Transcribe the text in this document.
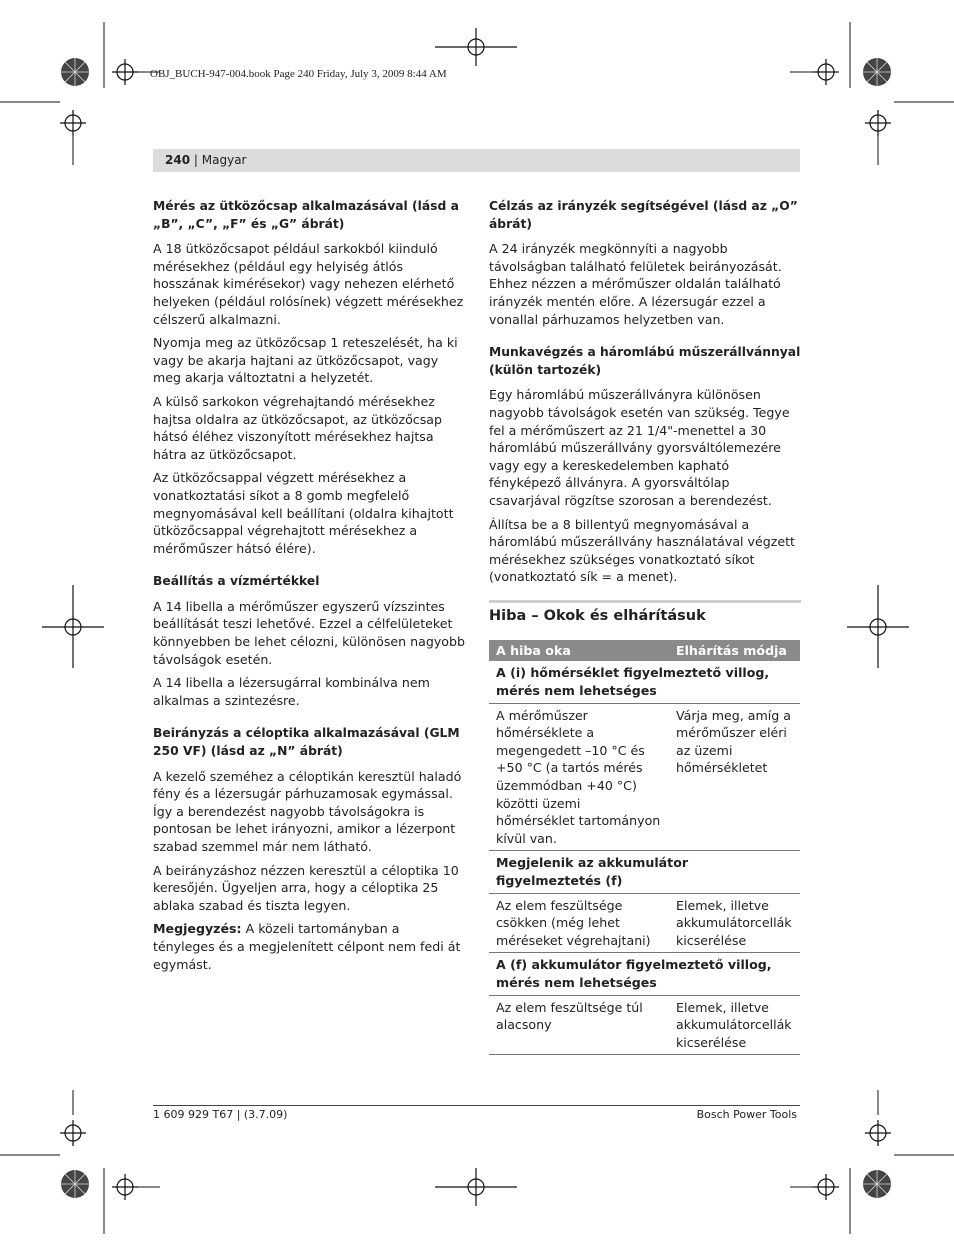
OBJ_BUCH-947-004.book Page 240 Friday, July 3, 2009 8:44 AM
240 | Magyar
Mérés az ütközőcsap alkalmazásával (lásd a „B”, „C”, „F” és „G” ábrát)

A 18 ütközőcsapot például sarkokból kiinduló mérésekhez (például egy helyiség átlós hosszának kimérésekor) vagy nehezen elérhető helyeken (például rolósínek) végzett mérésekhez célszerű alkalmazni.

Nyomja meg az ütközőcsap 1 reteszelését, ha ki vagy be akarja hajtani az ütközőcsapot, vagy meg akarja változtatni a helyzetét.

A külső sarkokon végrehajtandó mérésekhez hajtsa oldalra az ütközőcsapot, az ütközőcsap hátsó éléhez viszonyított mérésekhez hajtsa hátra az ütközőcsapot.

Az ütközőcsappal végzett mérésekhez a vonatkoztatási síkot a 8 gomb megfelelő megnyomásával kell beállítani (oldalra kihajtott ütközőcsappal végrehajtott mérésekhez a mérőműszer hátsó élére).

Beállítás a vízmértékkel

A 14 libella a mérőműszer egyszerű vízszintes beállítását teszi lehetővé. Ezzel a célfelületeket könnyebben be lehet célozni, különösen nagyobb távolságok esetén.

A 14 libella a lézersugárral kombinálva nem alkalmas a szintezésre.

Beirányzás a céloptika alkalmazásával (GLM 250 VF) (lásd az „N” ábrát)

A kezelő szeméhez a céloptikán keresztül haladó fény és a lézersugár párhuzamosak egymással. Így a berendezést nagyobb távolságokra is pontosan be lehet irányozni, amikor a lézerpont szabad szemmel már nem látható.

A beirányzáshoz nézzen keresztül a céloptika 10 keresőjén. Ügyeljen arra, hogy a céloptika 25 ablaka szabad és tiszta legyen.

Megjegyzés: A közeli tartományban a tényleges és a megjelenített célpont nem fedi át egymást.

Célzás az irányzék segítségével (lásd az „O” ábrát)

A 24 irányzék megkönnyíti a nagyobb távolságban található felületek beirányozását. Ehhez nézzen a mérőműszer oldalán található irányzék mentén előre. A lézersugár ezzel a vonallal párhuzamos helyzetben van.

Munkavégzés a háromlábú műszerállvánnyal (külön tartozék)

Egy háromlábú műszerállványra különösen nagyobb távolságok esetén van szükség. Tegye fel a mérőműszert az 21 1/4"-menettel a 30 háromlábú műszerállvány gyorsváltólemezére vagy egy a kereskedelemben kapható fényképező állványra. A gyorsváltólap csavarjával rögzítse szorosan a berendezést.

Állítsa be a 8 billentyű megnyomásával a háromlábú műszerállvány használatával végzett mérésekhez szükséges vonatkoztató síkot (vonatkoztató sík = a menet).

Hiba – Okok és elhárításuk
A hiba oka	Elhárítás módja
A (i) hőmérséklet figyelmeztető villog, mérés nem lehetséges	
A mérőműszer hőmérséklete a megengedett –10 °C és +50 °C (a tartós mérés üzemmódban +40 °C) közötti üzemi hőmérséklet tartományon kívül van.	Várja meg, amíg a mérőműszer eléri az üzemi hőmérsékletet
Megjelenik az akkumulátor figyelmeztetés (f)	
Az elem feszültsége csökken (még lehet méréseket végrehajtani)	Elemek, illetve akkumulátorcellák kicserélése
A (f) akkumulátor figyelmeztető villog, mérés nem lehetséges	
Az elem feszültsége túl alacsony	Elemek, illetve akkumulátorcellák kicserélése
1 609 929 T67 | (3.7.09)	Bosch Power Tools
